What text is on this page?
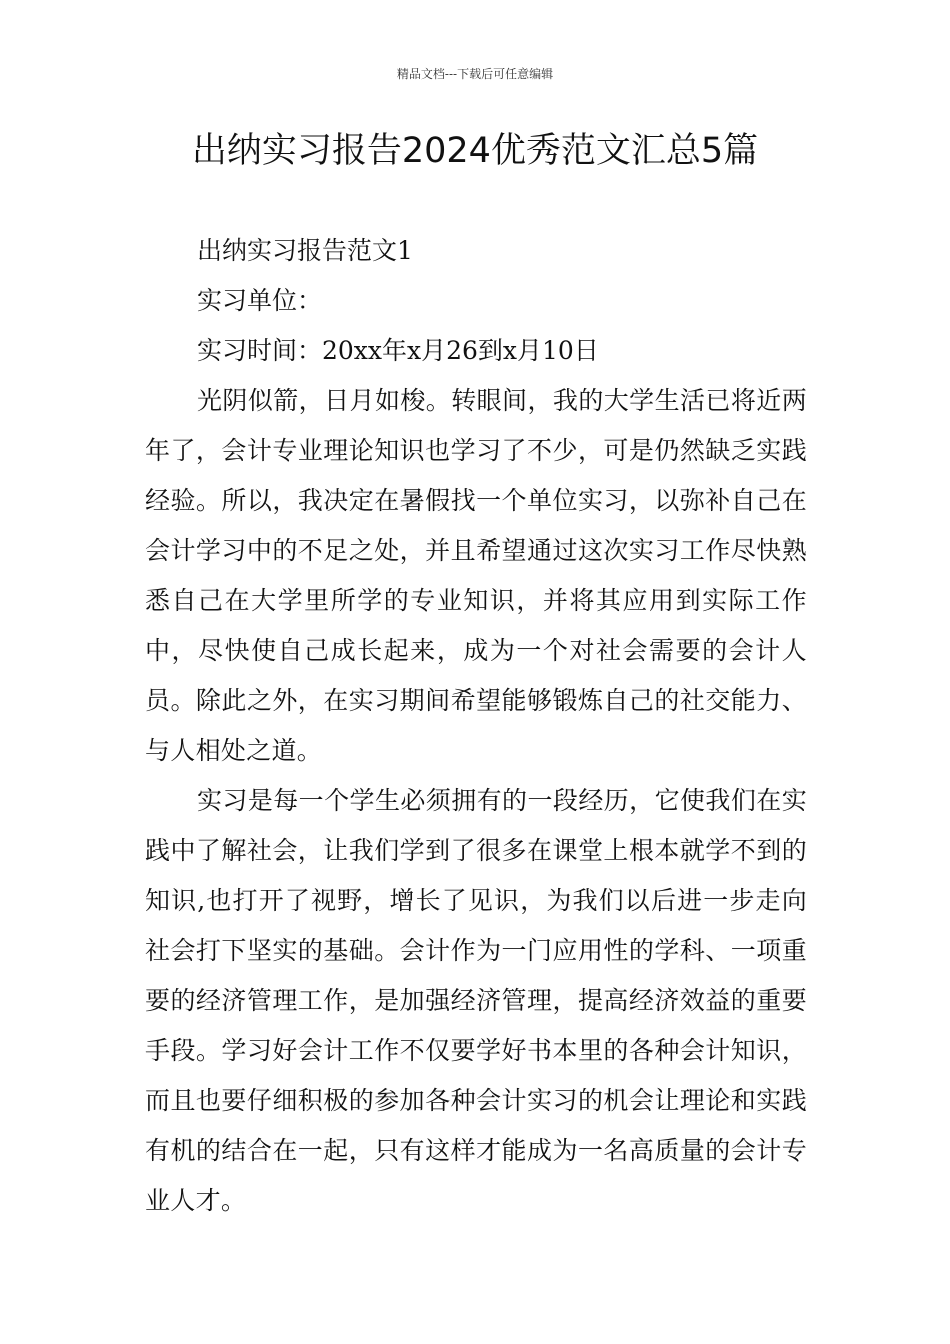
精品文档---下载后可任意编辑
出纳实习报告2024优秀范文汇总5篇

出纳实习报告范文1

实习单位：

实习时间：20xx年x月26到x月10日

光阴似箭，日月如梭。转眼间，我的大学生活已将近两年了，会计专业理论知识也学习了不少，可是仍然缺乏实践经验。所以，我决定在暑假找一个单位实习，以弥补自己在会计学习中的不足之处，并且希望通过这次实习工作尽快熟悉自己在大学里所学的专业知识，并将其应用到实际工作中，尽快使自己成长起来，成为一个对社会需要的会计人员。除此之外，在实习期间希望能够锻炼自己的社交能力、与人相处之道。

实习是每一个学生必须拥有的一段经历，它使我们在实践中了解社会，让我们学到了很多在课堂上根本就学不到的知识,也打开了视野，增长了见识，为我们以后进一步走向社会打下坚实的基础。会计作为一门应用性的学科、一项重要的经济管理工作，是加强经济管理，提高经济效益的重要手段。学习好会计工作不仅要学好书本里的各种会计知识，而且也要仔细积极的参加各种会计实习的机会让理论和实践有机的结合在一起，只有这样才能成为一名高质量的会计专业人才。
